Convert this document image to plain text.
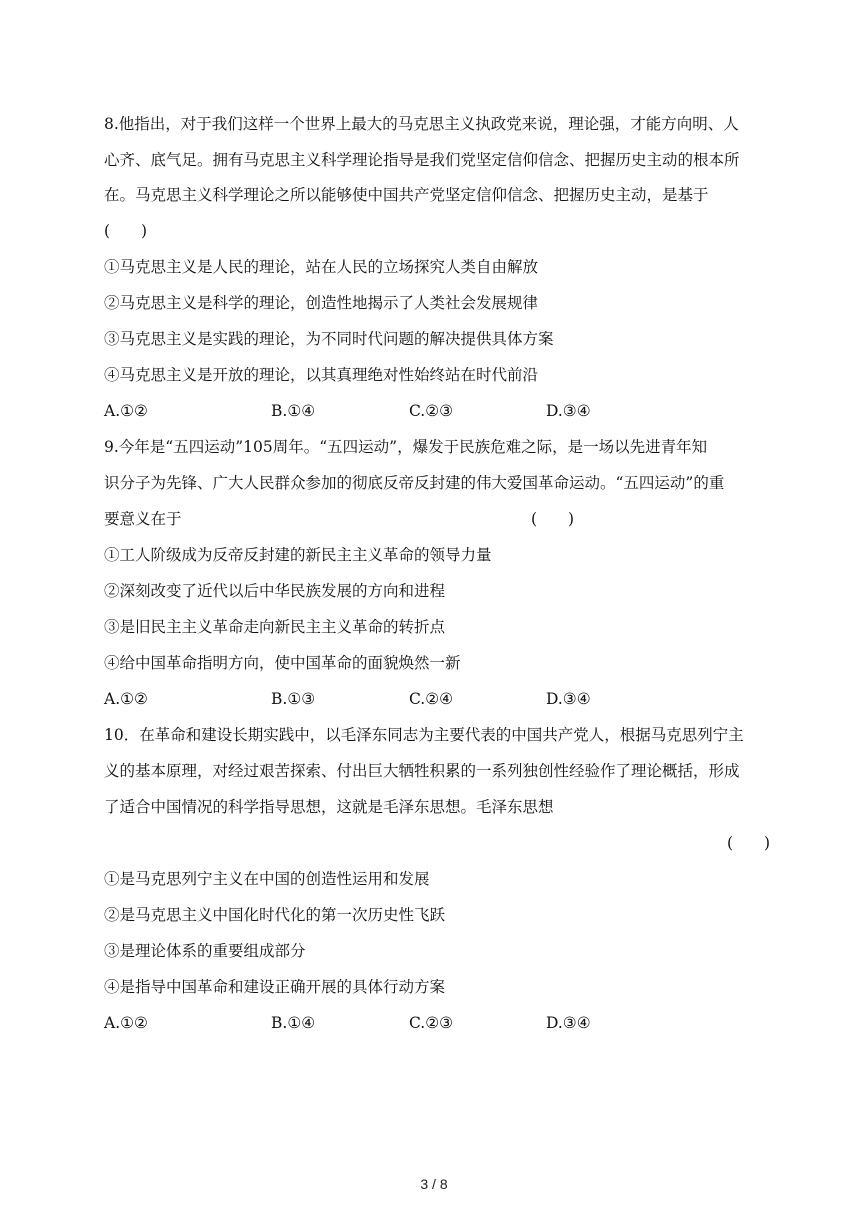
8.他指出，对于我们这样一个世界上最大的马克思主义执政党来说，理论强，才能方向明、人
心齐、底气足。拥有马克思主义科学理论指导是我们党坚定信仰信念、把握历史主动的根本所
在。马克思主义科学理论之所以能够使中国共产党坚定信仰信念、把握历史主动，是基于
(　　)
①马克思主义是人民的理论，站在人民的立场探究人类自由解放
②马克思主义是科学的理论，创造性地揭示了人类社会发展规律
③马克思主义是实践的理论，为不同时代问题的解决提供具体方案
④马克思主义是开放的理论，以其真理绝对性始终站在时代前沿
A.①②	B.①④	C.②③	D.③④
9.今年是“五四运动”105周年。“五四运动”，爆发于民族危难之际，是一场以先进青年知
识分子为先锋、广大人民群众参加的彻底反帝反封建的伟大爱国革命运动。“五四运动”的重
要意义在于	(　　)
①工人阶级成为反帝反封建的新民主主义革命的领导力量
②深刻改变了近代以后中华民族发展的方向和进程
③是旧民主主义革命走向新民主主义革命的转折点
④给中国革命指明方向，使中国革命的面貌焕然一新
A.①②	B.①③	C.②④	D.③④
10．在革命和建设长期实践中，以毛泽东同志为主要代表的中国共产党人，根据马克思列宁主
义的基本原理，对经过艰苦探索、付出巨大牺牲积累的一系列独创性经验作了理论概括，形成
了适合中国情况的科学指导思想，这就是毛泽东思想。毛泽东思想
(　　)
①是马克思列宁主义在中国的创造性运用和发展
②是马克思主义中国化时代化的第一次历史性飞跃
③是理论体系的重要组成部分
④是指导中国革命和建设正确开展的具体行动方案
A.①②	B.①④	C.②③	D.③④
3 / 8
